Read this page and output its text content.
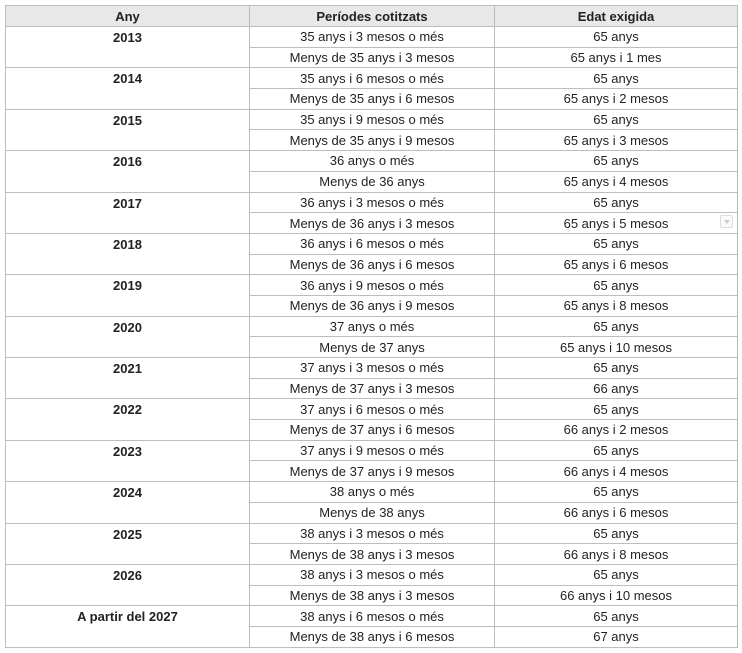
Any	Períodes cotitzats	Edat exigida
2013	35 anys i 3 mesos o més	65 anys
	Menys de 35 anys i 3 mesos	65 anys i 1 mes
2014	35 anys i 6 mesos o més	65 anys
	Menys de 35 anys i 6 mesos	65 anys i 2 mesos
2015	35 anys i 9 mesos o més	65 anys
	Menys de 35 anys i 9 mesos	65 anys i 3 mesos
2016	36 anys o més	65 anys
	Menys de 36 anys	65 anys i 4 mesos
2017	36 anys i 3 mesos o més	65 anys
	Menys de 36 anys i 3 mesos	65 anys i 5 mesos
2018	36 anys i 6 mesos o més	65 anys
	Menys de 36 anys i 6 mesos	65 anys i 6 mesos
2019	36 anys i 9 mesos o més	65 anys
	Menys de 36 anys i 9 mesos	65 anys i 8 mesos
2020	37 anys o més	65 anys
	Menys de 37 anys	65 anys i 10 mesos
2021	37 anys i 3 mesos o més	65 anys
	Menys de 37 anys i 3 mesos	66 anys
2022	37 anys i 6 mesos o més	65 anys
	Menys de 37 anys i 6 mesos	66 anys i 2 mesos
2023	37 anys i 9 mesos o més	65 anys
	Menys de 37 anys i 9 mesos	66 anys i 4 mesos
2024	38 anys o més	65 anys
	Menys de 38 anys	66 anys i 6 mesos
2025	38 anys i 3 mesos o més	65 anys
	Menys de 38 anys i 3 mesos	66 anys i 8 mesos
2026	38 anys i 3 mesos o més	65 anys
	Menys de 38 anys i 3 mesos	66 anys i 10 mesos
A partir del 2027	38 anys i 6 mesos o més	65 anys
	Menys de 38 anys i 6 mesos	67 anys
